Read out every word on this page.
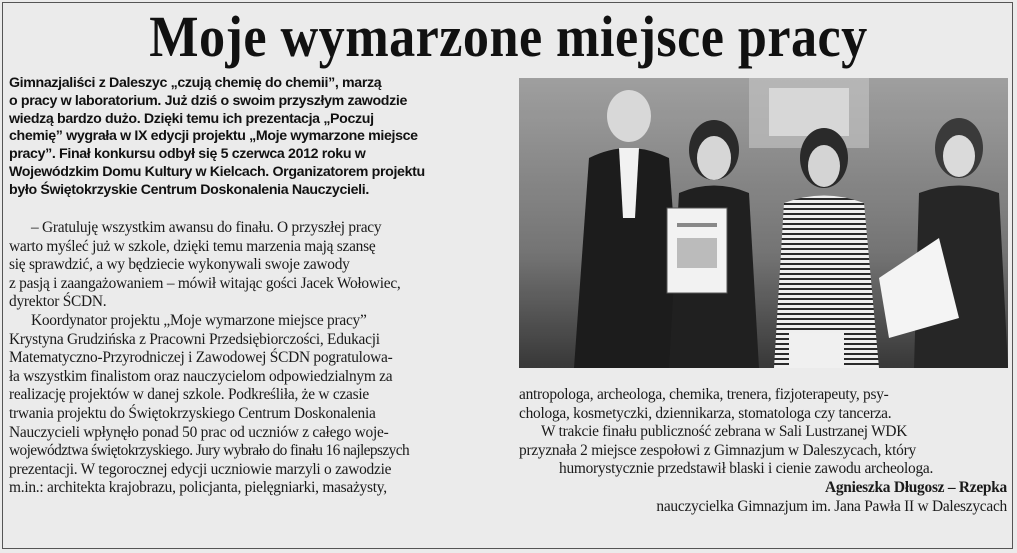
Moje wymarzone miejsce pracy
Gimnazjaliści z Daleszyc „czują chemię do chemii”, marzą
o pracy w laboratorium. Już dziś o swoim przyszłym zawodzie
wiedzą bardzo dużo. Dzięki temu ich prezentacja „Poczuj
chemię” wygrała w IX edycji projektu „Moje wymarzone miejsce
pracy”. Finał konkursu odbył się 5 czerwca 2012 roku w
Wojewódzkim Domu Kultury w Kielcach. Organizatorem projektu
było Świętokrzyskie Centrum Doskonalenia Nauczycieli.
– Gratuluję wszystkim awansu do finału. O przyszłej pracy
warto myśleć już w szkole, dzięki temu marzenia mają szansę
się sprawdzić, a wy będziecie wykonywali swoje zawody
z pasją i zaangażowaniem – mówił witając gości Jacek Wołowiec,
dyrektor ŚCDN.
Koordynator projektu „Moje wymarzone miejsce pracy”
Krystyna Grudzińska z Pracowni Przedsiębiorczości, Edukacji
Matematyczno-Przyrodniczej i Zawodowej ŚCDN pogratulowa-
ła wszystkim finalistom oraz nauczycielom odpowiedzialnym za
realizację projektów w danej szkole. Podkreśliła, że w czasie
trwania projektu do Świętokrzyskiego Centrum Doskonalenia
Nauczycieli wpłynęło ponad 50 prac od uczniów z całego woje-
województwa świętokrzyskiego. Jury wybrało do finału 16 najlepszych
prezentacji. W tegorocznej edycji uczniowie marzyli o zawodzie
m.in.: architekta krajobrazu, policjanta, pielęgniarki, masażysty,
antropologa, archeologa, chemika, trenera, fizjoterapeuty, psy-
chologa, kosmetyczki, dziennikarza, stomatologa czy tancerza.
W trakcie finału publiczność zebrana w Sali Lustrzanej WDK
przyznała 2 miejsce zespołowi z Gimnazjum w Daleszycach, który
humorystycznie przedstawił blaski i cienie zawodu archeologa.
Agnieszka Długosz – Rzepka
nauczycielka Gimnazjum im. Jana Pawła II w Daleszycach
